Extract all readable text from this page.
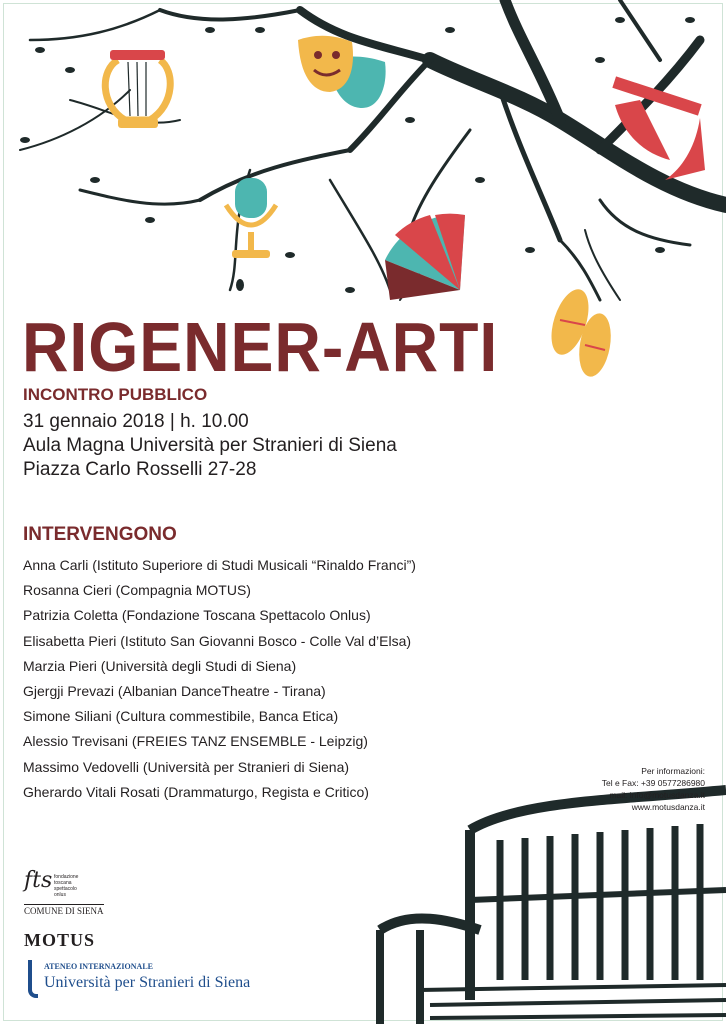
RIGENER-ARTI
INCONTRO PUBBLICO
31 gennaio 2018 | h. 10.00
Aula Magna Università per Stranieri di Siena
Piazza Carlo Rosselli 27-28
INTERVENGONO
Anna Carli (Istituto Superiore di Studi Musicali “Rinaldo Franci”)
Rosanna Cieri (Compagnia MOTUS)
Patrizia Coletta (Fondazione Toscana Spettacolo Onlus)
Elisabetta Pieri (Istituto San Giovanni Bosco - Colle Val d’Elsa)
Marzia Pieri (Università degli Studi di Siena)
Gjergji Prevazi (Albanian DanceTheatre - Tirana)
Simone Siliani (Cultura commestibile, Banca Etica)
Alessio Trevisani (FREIES TANZ ENSEMBLE - Leipzig)
Massimo Vedovelli (Università per Stranieri di Siena)
Gherardo Vitali Rosati (Drammaturgo, Regista e Critico)
Per informazioni:
Tel e Fax: +39 0577286980
mail: info@motusdanza.it
www.motusdanza.it
fts fondazione
toscana
spettacolo
onlus
COMUNE DI SIENA
MOTUS
ATENEO INTERNAZIONALE
Università per Stranieri di Siena
